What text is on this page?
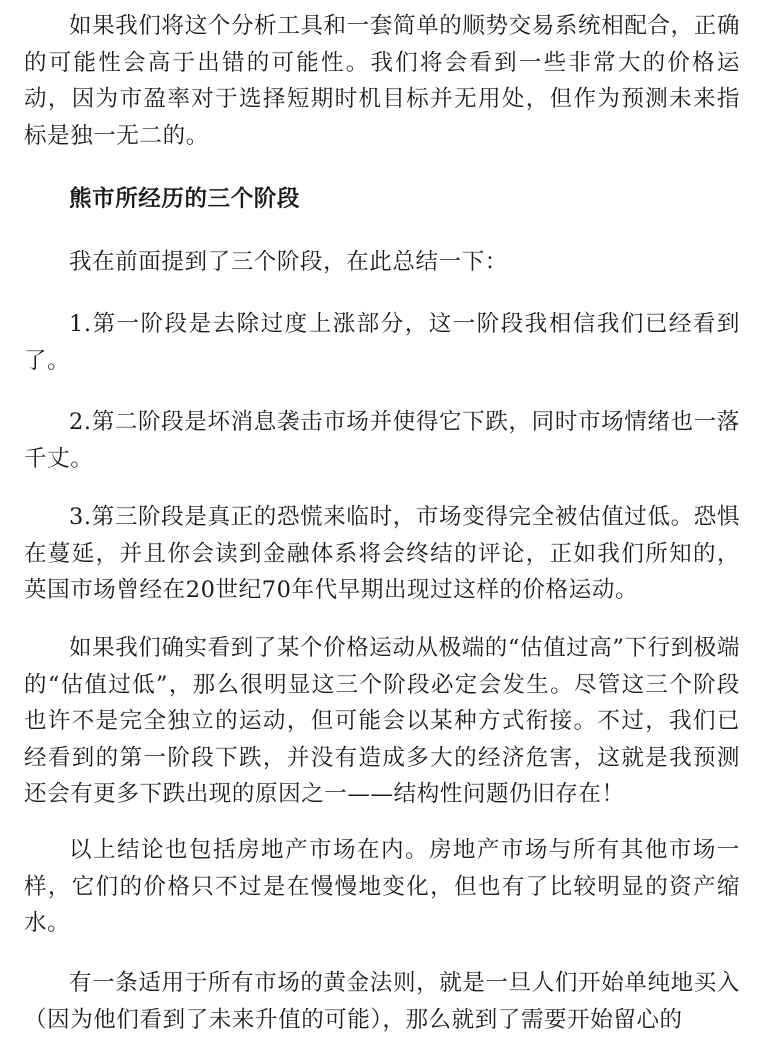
如果我们将这个分析工具和一套简单的顺势交易系统相配合，正确的可能性会高于出错的可能性。我们将会看到一些非常大的价格运动，因为市盈率对于选择短期时机目标并无用处，但作为预测未来指标是独一无二的。

熊市所经历的三个阶段

我在前面提到了三个阶段，在此总结一下：

1.第一阶段是去除过度上涨部分，这一阶段我相信我们已经看到了。

2.第二阶段是坏消息袭击市场并使得它下跌，同时市场情绪也一落千丈。

3.第三阶段是真正的恐慌来临时，市场变得完全被估值过低。恐惧在蔓延，并且你会读到金融体系将会终结的评论，正如我们所知的，英国市场曾经在20世纪70年代早期出现过这样的价格运动。

如果我们确实看到了某个价格运动从极端的“估值过高”下行到极端的“估值过低”，那么很明显这三个阶段必定会发生。尽管这三个阶段也许不是完全独立的运动，但可能会以某种方式衔接。不过，我们已经看到的第一阶段下跌，并没有造成多大的经济危害，这就是我预测还会有更多下跌出现的原因之一——结构性问题仍旧存在！

以上结论也包括房地产市场在内。房地产市场与所有其他市场一样，它们的价格只不过是在慢慢地变化，但也有了比较明显的资产缩水。

有一条适用于所有市场的黄金法则，就是一旦人们开始单纯地买入（因为他们看到了未来升值的可能），那么就到了需要开始留心的
